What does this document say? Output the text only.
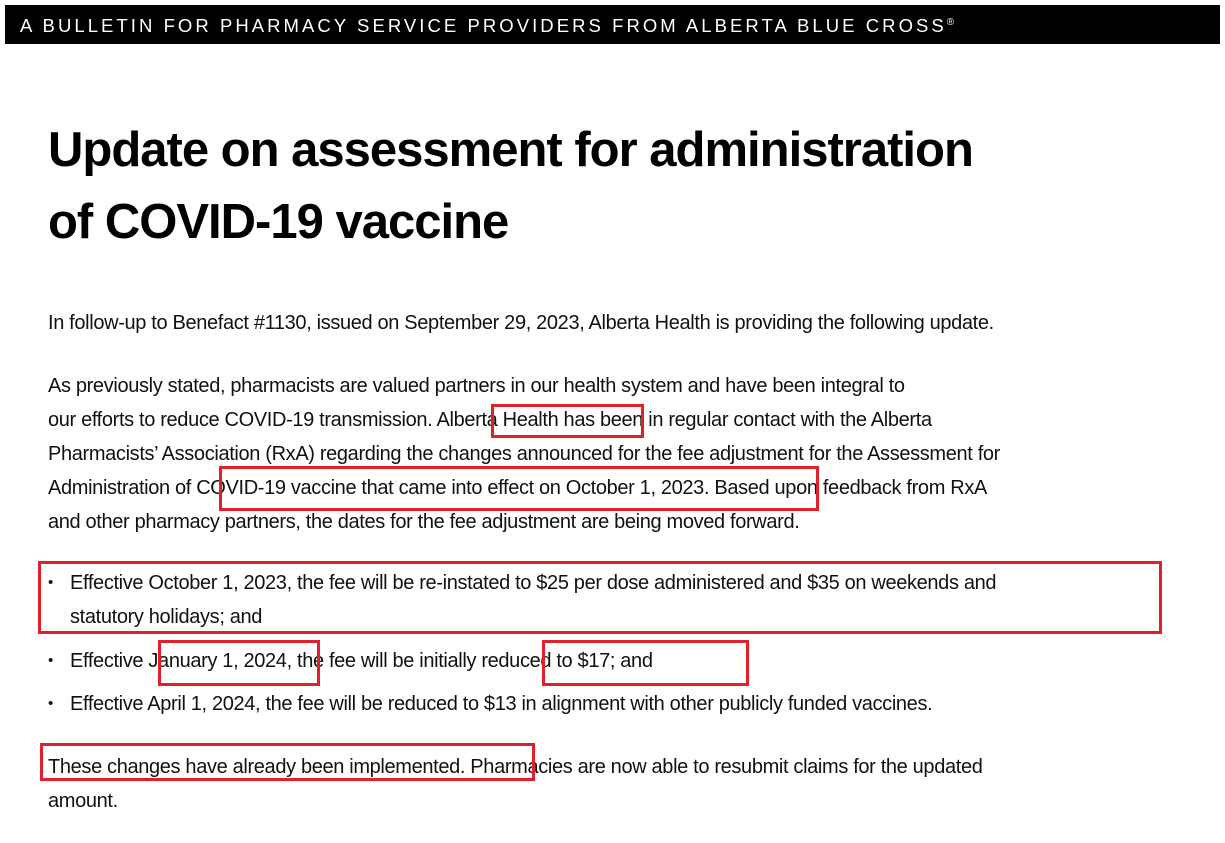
A BULLETIN FOR PHARMACY SERVICE PROVIDERS FROM ALBERTA BLUE CROSS®
Update on assessment for administration
of COVID-19 vaccine

In follow-up to Benefact #1130, issued on September 29, 2023, Alberta Health is providing the following update.

As previously stated, pharmacists are valued partners in our health system and have been integral to
our efforts to reduce COVID-19 transmission. Alberta Health has been in regular contact with the Alberta
Pharmacists’ Association (RxA) regarding the changes announced for the fee adjustment for the Assessment for
Administration of COVID-19 vaccine that came into effect on October 1, 2023. Based upon feedback from RxA
and other pharmacy partners, the dates for the fee adjustment are being moved forward.

• Effective October 1, 2023, the fee will be re-instated to $25 per dose administered and $35 on weekends and
statutory holidays; and
• Effective January 1, 2024, the fee will be initially reduced to $17; and
• Effective April 1, 2024, the fee will be reduced to $13 in alignment with other publicly funded vaccines.

These changes have already been implemented. Pharmacies are now able to resubmit claims for the updated
amount.
